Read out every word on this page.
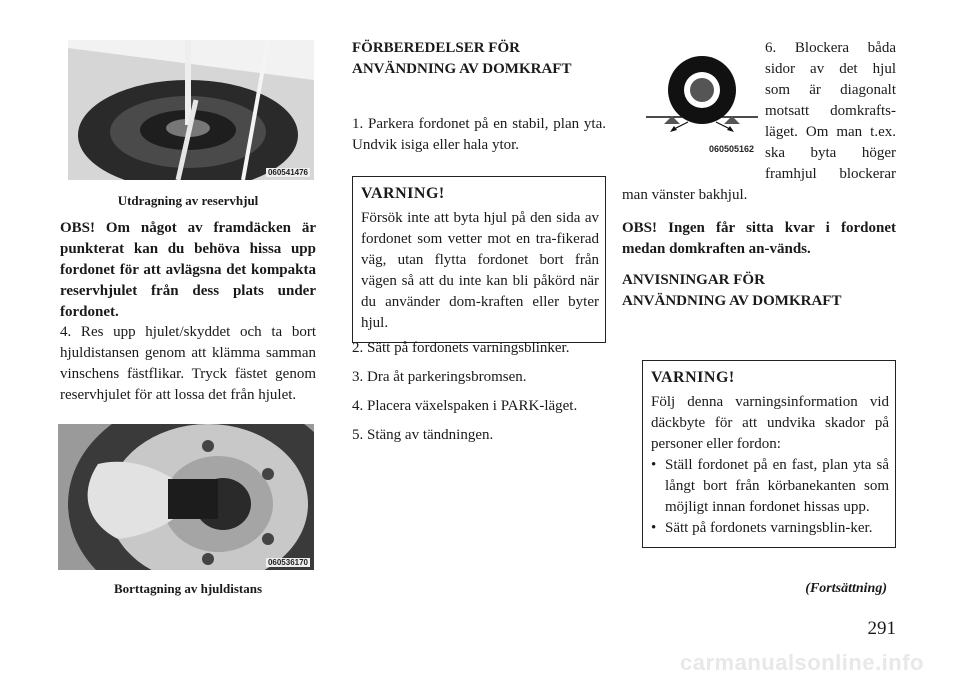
060541476
Utdragning av reservhjul
OBS! Om något av framdäcken är punkterat kan du behöva hissa upp fordonet för att avlägsna det kompakta reservhjulet från dess plats under fordonet.
4. Res upp hjulet/skyddet och ta bort hjuldistansen genom att klämma samman vinschens fästflikar. Tryck fästet genom reservhjulet för att lossa det från hjulet.
060536170
Borttagning av hjuldistans
FÖRBEREDELSER FÖR ANVÄNDNING AV DOMKRAFT
1. Parkera fordonet på en stabil, plan yta. Undvik isiga eller hala ytor.
VARNING!

Försök inte att byta hjul på den sida av fordonet som vetter mot en tra-fikerad väg, utan flytta fordonet bort från vägen så att du inte kan bli påkörd när du använder dom-kraften eller byter hjul.

2. Sätt på fordonets varningsblinker.
3. Dra åt parkeringsbromsen.
4. Placera växelspaken i PARK-läget.
5. Stäng av tändningen.
060505162
6. Blockera båda
sidor av det hjul
som är diagonalt
motsatt domkrafts-
läget. Om man t.ex.
ska byta höger
framhjul blockerar
man vänster bakhjul.
OBS! Ingen får sitta kvar i fordonet medan domkraften an-vänds.
ANVISNINGAR FÖR ANVÄNDNING AV DOMKRAFT
VARNING!

Följ denna varningsinformation vid däckbyte för att undvika skador på personer eller fordon:

• Ställ fordonet på en fast, plan yta så långt bort från körbanekanten som möjligt innan fordonet hissas upp.
• Sätt på fordonets varningsblin-ker.
(Fortsättning)
291
carmanualsonline.info
